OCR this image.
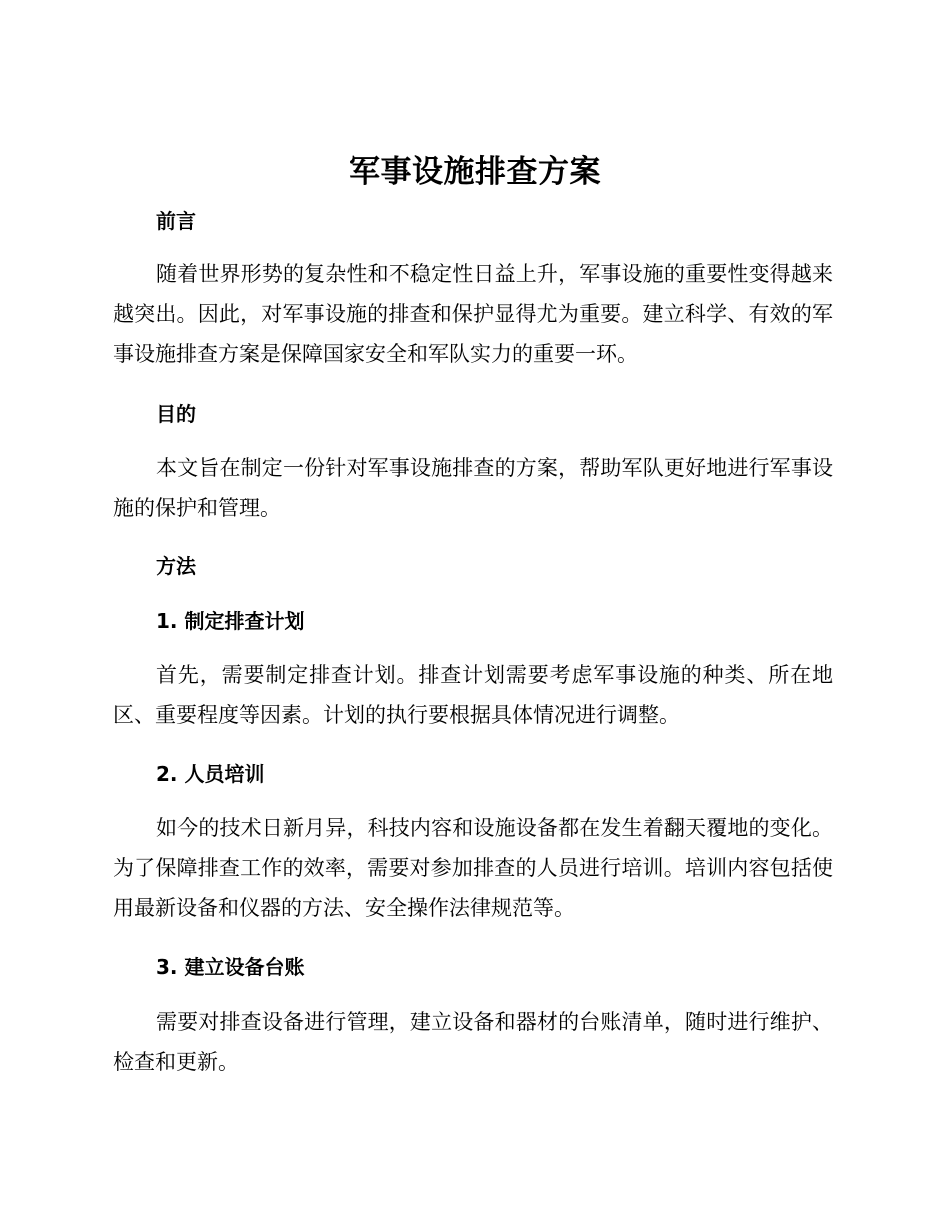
军事设施排查方案
前言

随着世界形势的复杂性和不稳定性日益上升，军事设施的重要性变得越来越突出。因此，对军事设施的排查和保护显得尤为重要。建立科学、有效的军事设施排查方案是保障国家安全和军队实力的重要一环。

目的

本文旨在制定一份针对军事设施排查的方案，帮助军队更好地进行军事设施的保护和管理。

方法
1. 制定排查计划

首先，需要制定排查计划。排查计划需要考虑军事设施的种类、所在地区、重要程度等因素。计划的执行要根据具体情况进行调整。

2. 人员培训

如今的技术日新月异，科技内容和设施设备都在发生着翻天覆地的变化。为了保障排查工作的效率，需要对参加排查的人员进行培训。培训内容包括使用最新设备和仪器的方法、安全操作法律规范等。

3. 建立设备台账

需要对排查设备进行管理，建立设备和器材的台账清单，随时进行维护、检查和更新。
